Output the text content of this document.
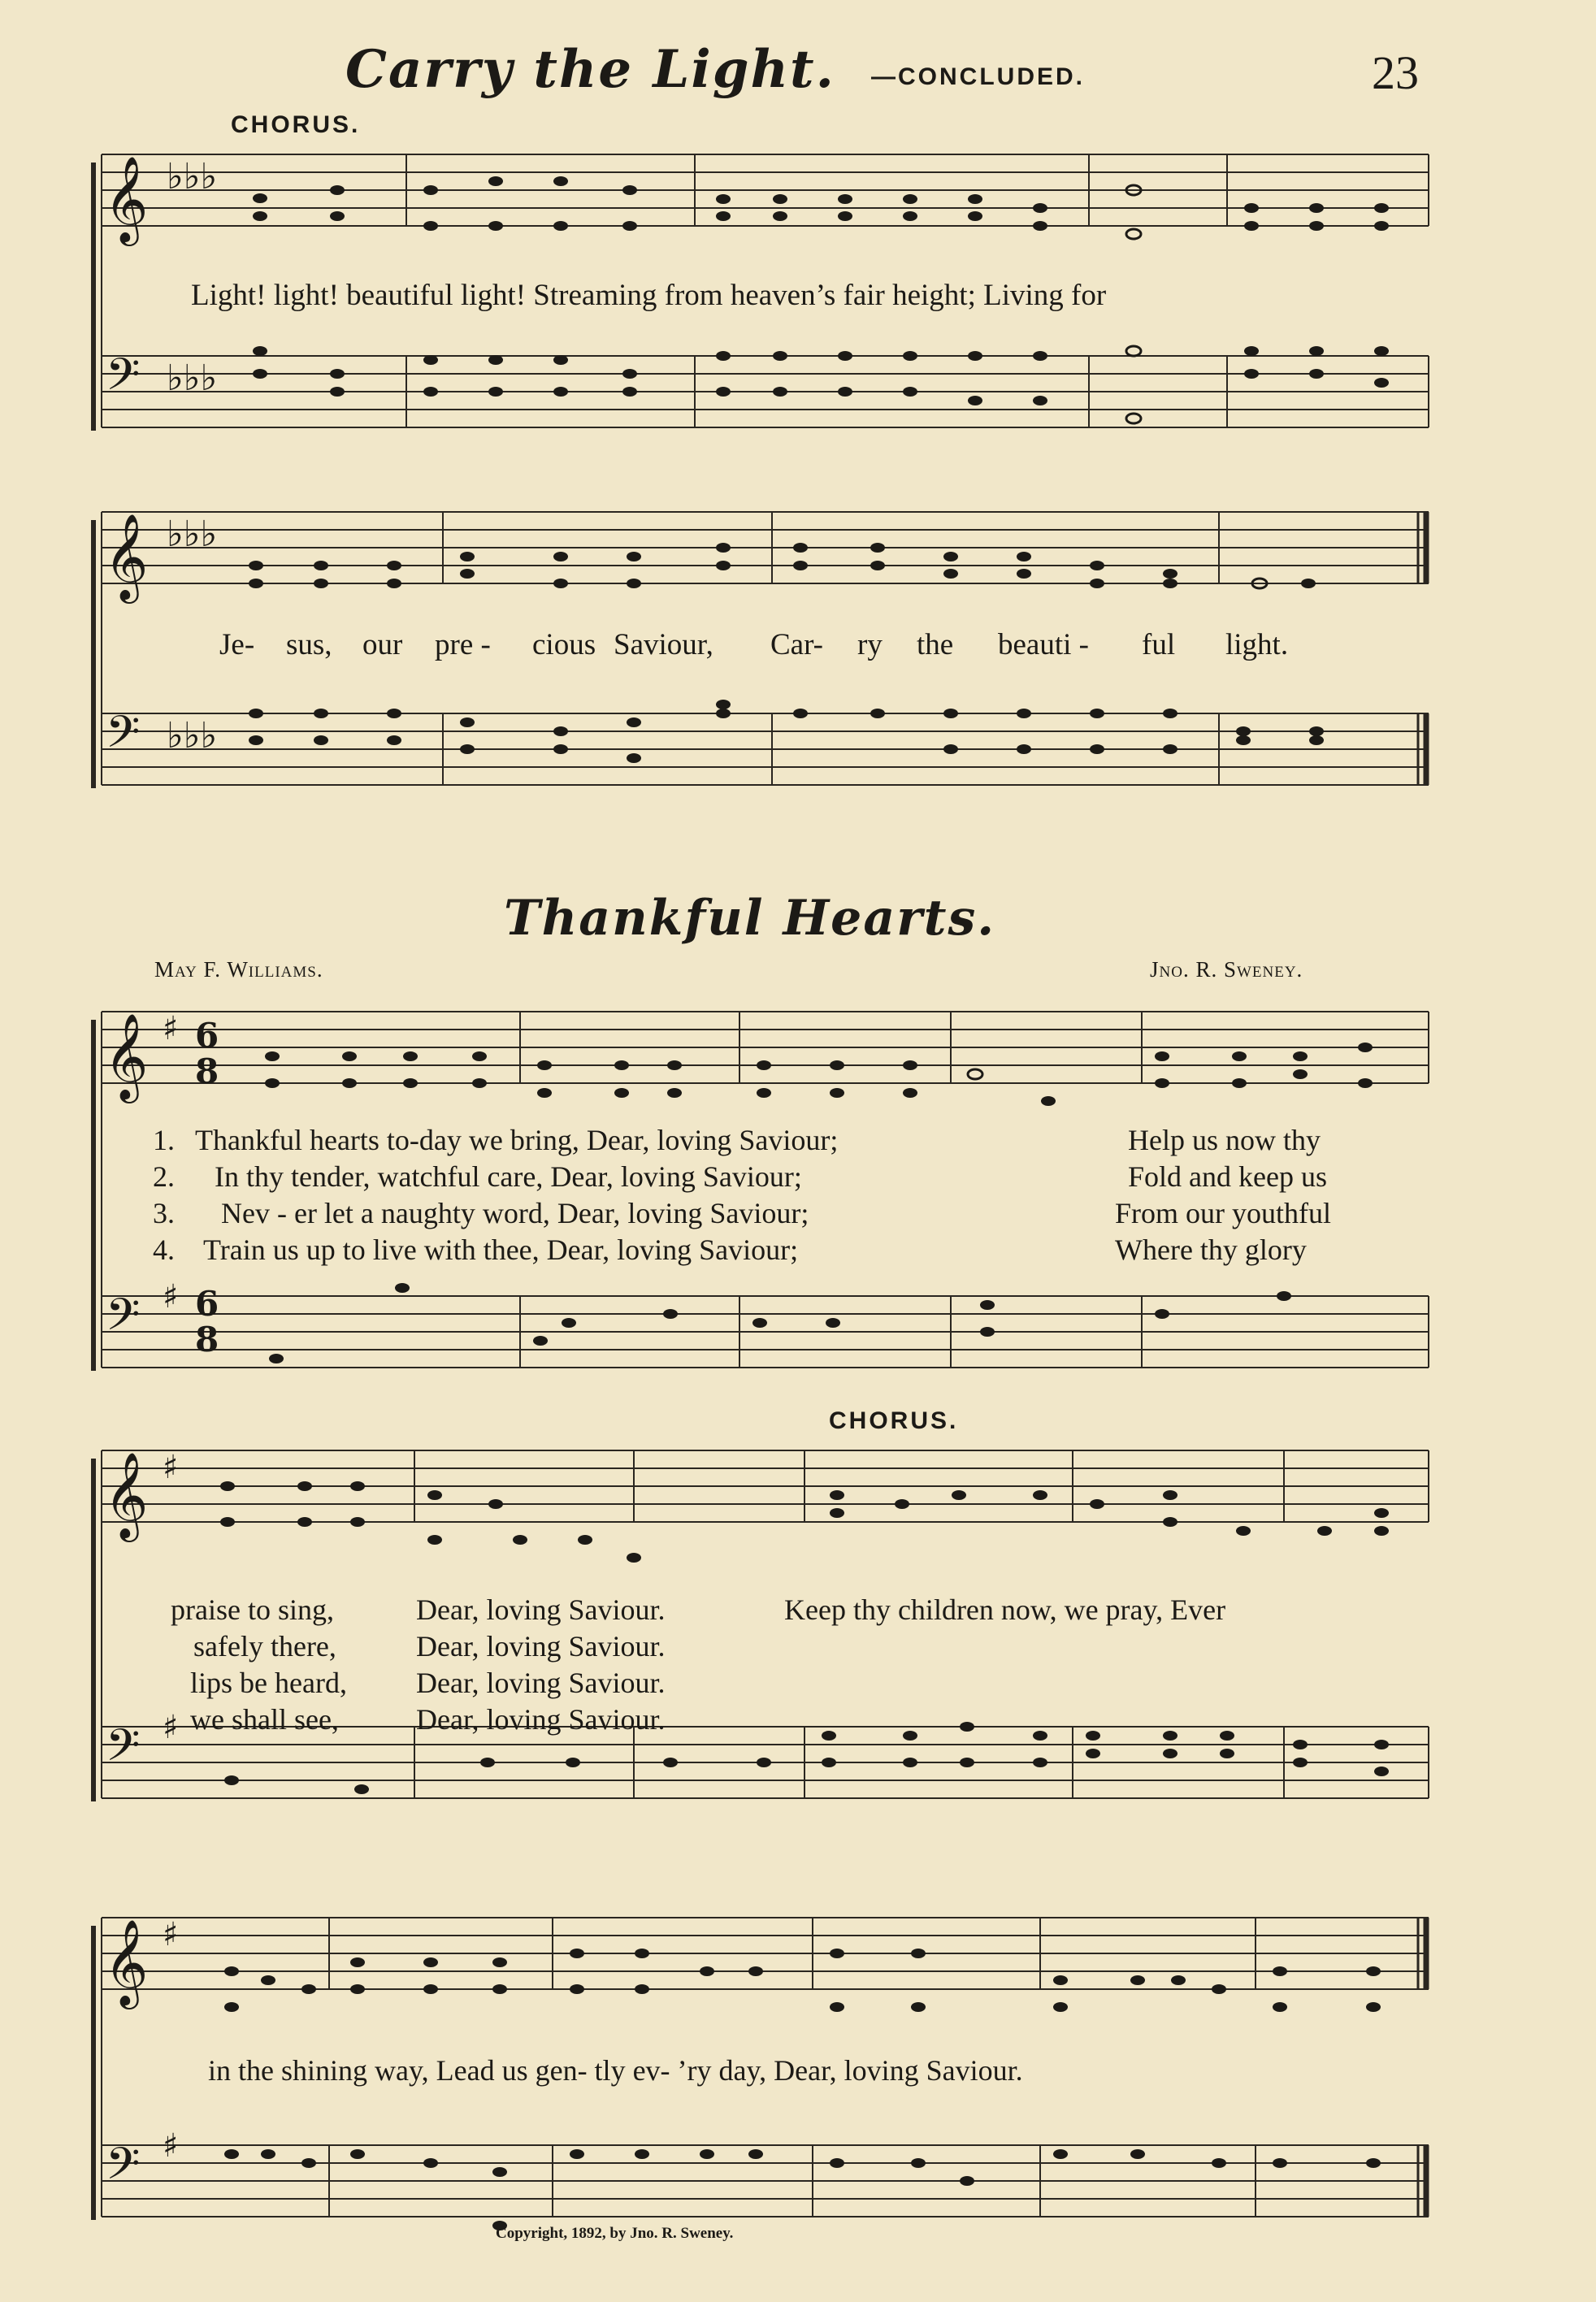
Carry the Light. —CONCLUDED.	23
CHORUS.
𝄞
𝄢
♭♭♭
♭♭♭
Light! light! beautiful light! Streaming from heaven’s fair height; Living for
𝄞
𝄢
♭♭♭
♭♭♭
Je- sus, our pre - cious Saviour, Car- ry the beauti - ful light.
Thankful Hearts.
May F. Williams.	Jno. R. Sweney.
𝄞
𝄢
♯
♯
6
8
6
8
1. Thankful hearts to-day we bring, Dear, loving Saviour;	Help us now thy
2. In thy tender, watchful care, Dear, loving Saviour;	Fold and keep us
3. Nev - er let a naughty word, Dear, loving Saviour;	From our youthful
4. Train us up to live with thee, Dear, loving Saviour;	Where thy glory
CHORUS.
𝄞
𝄢
♯
♯
praise to sing,	Dear, loving Saviour.	Keep thy children now, we pray, Ever
safely there,	Dear, loving Saviour.
lips be heard, Dear, loving Saviour.
we shall see,	Dear, loving Saviour.
𝄞
𝄢
♯
♯
in the shining way, Lead us gen- tly ev- ’ry day, Dear, loving Saviour.
Copyright, 1892, by Jno. R. Sweney.
